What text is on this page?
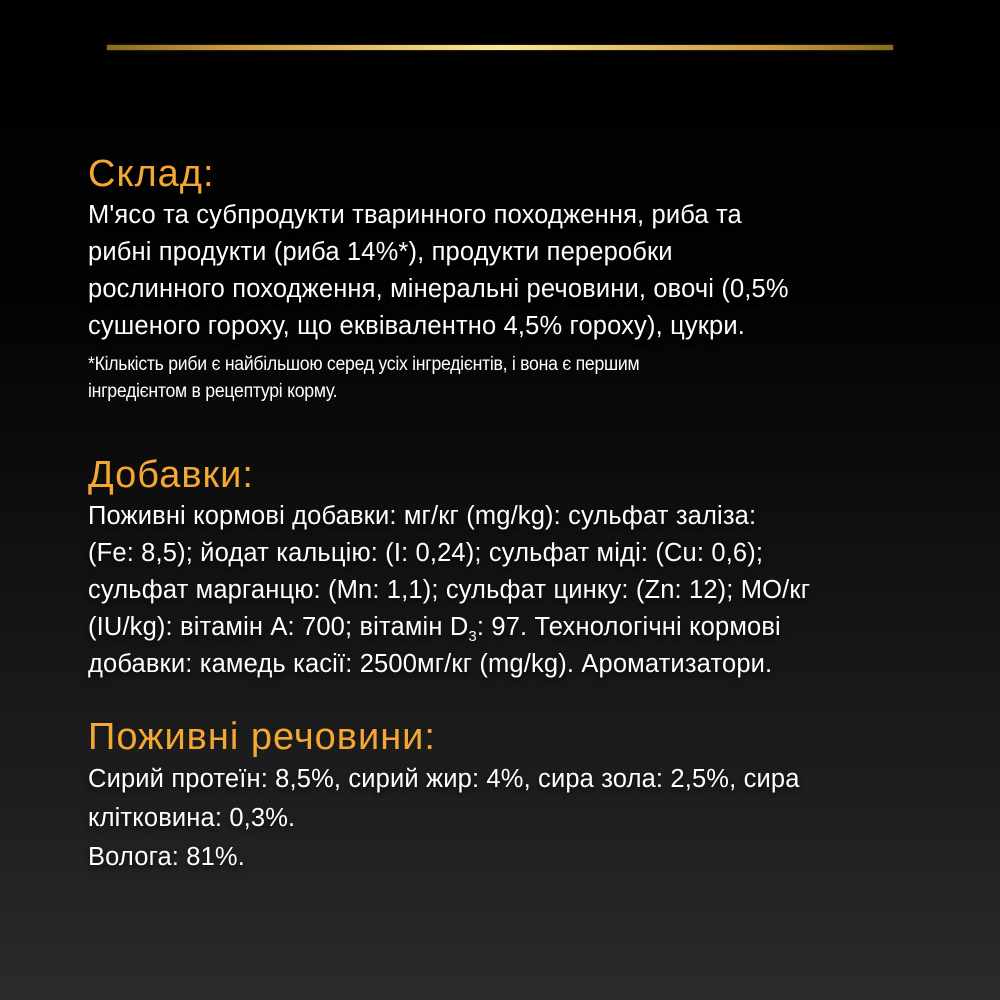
Склад:
М'ясо та субпродукти тваринного походження, риба та
рибні продукти (риба 14%*), продукти переробки
рослинного походження, мінеральні речовини, овочі (0,5%
сушеного гороху, що еквівалентно 4,5% гороху), цукри.
*Кількість риби є найбільшою серед усіх інгредієнтів, і вона є першим
інгредієнтом в рецептурі корму.
Добавки:
Поживні кормові добавки: мг/кг (mg/kg): сульфат заліза:
(Fe: 8,5); йодат кальцію: (I: 0,24); сульфат міді: (Cu: 0,6);
сульфат марганцю: (Mn: 1,1); сульфат цинку: (Zn: 12); МО/кг
(IU/kg): вітамін А: 700; вітамін $D_3$: 97. Технологічні кормові
добавки: камедь касії: 2500мг/кг (mg/kg). Ароматизатори.
Поживні речовини:
Сирий протеїн: 8,5%, сирий жир: 4%, сира зола: 2,5%, сира
клітковина: 0,3%.
Волога: 81%.
